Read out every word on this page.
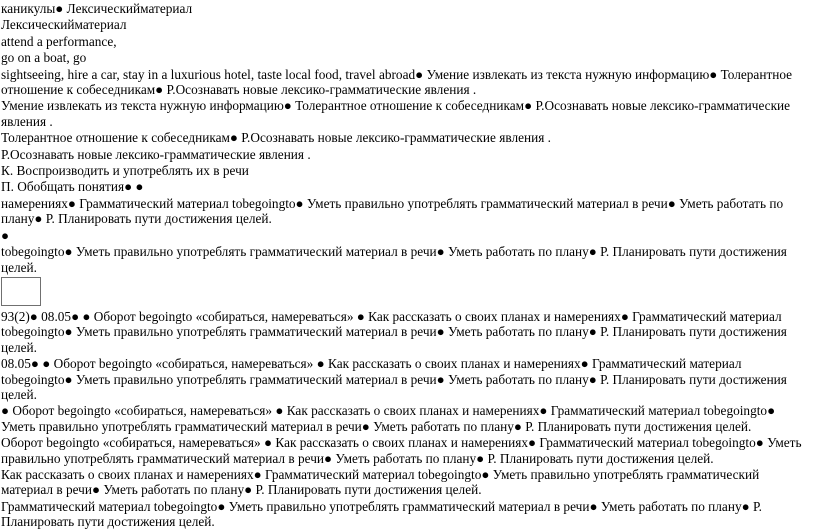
каникулы● Лексическийматериал
Лексическийматериал
attend a performance,
go on a boat, go
sightseeing, hire a car, stay in a luxurious hotel, taste local food, travel abroad● Умение извлекать из текста нужную информацию● Толерантное отношение к собеседникам● Р.Осознавать новые лексико-грамматические явления .
Умение извлекать из текста нужную информацию● Толерантное отношение к собеседникам● Р.Осознавать новые лексико-грамматические явления .
Толерантное отношение к собеседникам● Р.Осознавать новые лексико-грамматические явления .
Р.Осознавать новые лексико-грамматические явления .
К. Воспроизводить и употреблять их в речи
П. Обобщать понятия● ●
намерениях● Грамматический материал tobegoingto● Уметь правильно употреблять грамматический материал в речи● Уметь работать по плану● Р. Планировать пути достижения целей.
●
tobegoingto● Уметь правильно употреблять грамматический материал в речи● Уметь работать по плану● Р. Планировать пути достижения целей.
93(2)● 08.05● ● Оборот begoingto «собираться, намереваться» ● Как рассказать о своих планах и намерениях● Грамматический материал tobegoingto● Уметь правильно употреблять грамматический материал в речи● Уметь работать по плану● Р. Планировать пути достижения целей.
08.05● ● Оборот begoingto «собираться, намереваться» ● Как рассказать о своих планах и намерениях● Грамматический материал tobegoingto● Уметь правильно употреблять грамматический материал в речи● Уметь работать по плану● Р. Планировать пути достижения целей.
● Оборот begoingto «собираться, намереваться» ● Как рассказать о своих планах и намерениях● Грамматический материал tobegoingto● Уметь правильно употреблять грамматический материал в речи● Уметь работать по плану● Р. Планировать пути достижения целей.
Оборот begoingto «собираться, намереваться» ● Как рассказать о своих планах и намерениях● Грамматический материал tobegoingto● Уметь правильно употреблять грамматический материал в речи● Уметь работать по плану● Р. Планировать пути достижения целей.
Как рассказать о своих планах и намерениях● Грамматический материал tobegoingto● Уметь правильно употреблять грамматический материал в речи● Уметь работать по плану● Р. Планировать пути достижения целей.
Грамматический материал tobegoingto● Уметь правильно употреблять грамматический материал в речи● Уметь работать по плану● Р. Планировать пути достижения целей.
